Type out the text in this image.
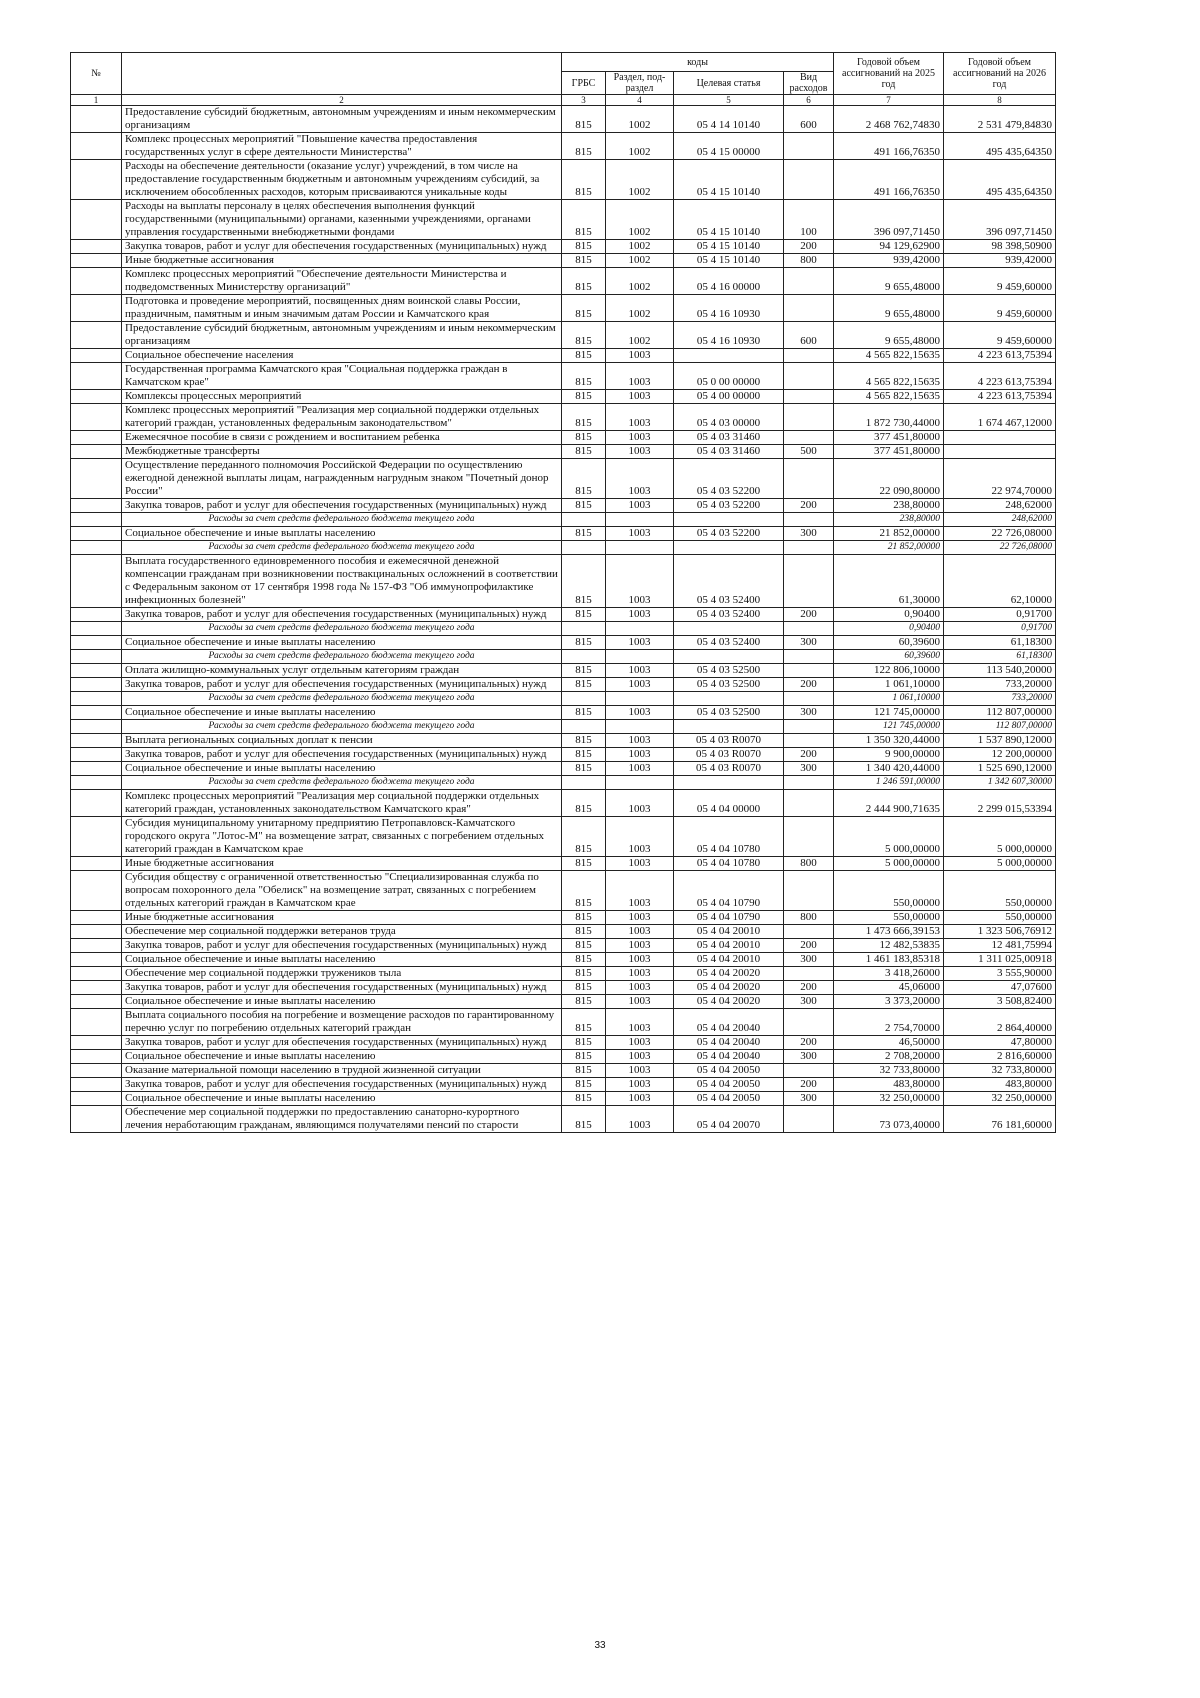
№		коды				Годовой объем ассигнований на 2025 год	Годовой объем ассигнований на 2026 год
		ГРБС	Раздел, под-раздел	Целевая статья	Вид расходов		
1	2	3	4	5	6	7	8
	Предоставление субсидий бюджетным, автономным учреждениям и иным некоммерческим организациям	815	1002	05 4 14 10140	600	2 468 762,74830	2 531 479,84830
	Комплекс процессных мероприятий "Повышение качества предоставления государственных услуг в сфере деятельности Министерства"	815	1002	05 4 15 00000		491 166,76350	495 435,64350
	Расходы на обеспечение деятельности (оказание услуг) учреждений, в том числе на предоставление государственным бюджетным и автономным учреждениям субсидий, за исключением обособленных расходов, которым присваиваются уникальные коды	815	1002	05 4 15 10140		491 166,76350	495 435,64350
	Расходы на выплаты персоналу в целях обеспечения выполнения функций государственными (муниципальными) органами, казенными учреждениями, органами управления государственными внебюджетными фондами	815	1002	05 4 15 10140	100	396 097,71450	396 097,71450
	Закупка товаров, работ и услуг для обеспечения государственных (муниципальных) нужд	815	1002	05 4 15 10140	200	94 129,62900	98 398,50900
	Иные бюджетные ассигнования	815	1002	05 4 15 10140	800	939,42000	939,42000
	Комплекс процессных мероприятий "Обеспечение деятельности Министерства и подведомственных Министерству организаций"	815	1002	05 4 16 00000		9 655,48000	9 459,60000
	Подготовка и проведение мероприятий, посвященных дням воинской славы России, праздничным, памятным и иным значимым датам России и Камчатского края	815	1002	05 4 16 10930		9 655,48000	9 459,60000
	Предоставление субсидий бюджетным, автономным учреждениям и иным некоммерческим организациям	815	1002	05 4 16 10930	600	9 655,48000	9 459,60000
	Социальное обеспечение населения	815	1003			4 565 822,15635	4 223 613,75394
	Государственная программа Камчатского края "Социальная поддержка граждан в Камчатском крае"	815	1003	05 0 00 00000		4 565 822,15635	4 223 613,75394
	Комплексы процессных мероприятий	815	1003	05 4 00 00000		4 565 822,15635	4 223 613,75394
	Комплекс процессных мероприятий "Реализация мер социальной поддержки отдельных категорий граждан, установленных федеральным законодательством"	815	1003	05 4 03 00000		1 872 730,44000	1 674 467,12000
	Ежемесячное пособие в связи с рождением и воспитанием ребенка	815	1003	05 4 03 31460		377 451,80000	
	Межбюджетные трансферты	815	1003	05 4 03 31460	500	377 451,80000	
	Осуществление переданного полномочия Российской Федерации по осуществлению ежегодной денежной выплаты лицам, награжденным нагрудным знаком "Почетный донор России"	815	1003	05 4 03 52200		22 090,80000	22 974,70000
	Закупка товаров, работ и услуг для обеспечения государственных (муниципальных) нужд	815	1003	05 4 03 52200	200	238,80000	248,62000
	Расходы за счет средств федерального бюджета текущего года					238,80000	248,62000
	Социальное обеспечение и иные выплаты населению	815	1003	05 4 03 52200	300	21 852,00000	22 726,08000
	Расходы за счет средств федерального бюджета текущего года					21 852,00000	22 726,08000
	Выплата государственного единовременного пособия и ежемесячной денежной компенсации гражданам при возникновении поствакцинальных осложнений в соответствии с Федеральным законом от 17 сентября 1998 года № 157-ФЗ "Об иммунопрофилактике инфекционных болезней"	815	1003	05 4 03 52400		61,30000	62,10000
	Закупка товаров, работ и услуг для обеспечения государственных (муниципальных) нужд	815	1003	05 4 03 52400	200	0,90400	0,91700
	Расходы за счет средств федерального бюджета текущего года					0,90400	0,91700
	Социальное обеспечение и иные выплаты населению	815	1003	05 4 03 52400	300	60,39600	61,18300
	Расходы за счет средств федерального бюджета текущего года					60,39600	61,18300
	Оплата жилищно-коммунальных услуг отдельным категориям граждан	815	1003	05 4 03 52500		122 806,10000	113 540,20000
	Закупка товаров, работ и услуг для обеспечения государственных (муниципальных) нужд	815	1003	05 4 03 52500	200	1 061,10000	733,20000
	Расходы за счет средств федерального бюджета текущего года					1 061,10000	733,20000
	Социальное обеспечение и иные выплаты населению	815	1003	05 4 03 52500	300	121 745,00000	112 807,00000
	Расходы за счет средств федерального бюджета текущего года					121 745,00000	112 807,00000
	Выплата региональных социальных доплат к пенсии	815	1003	05 4 03 R0070		1 350 320,44000	1 537 890,12000
	Закупка товаров, работ и услуг для обеспечения государственных (муниципальных) нужд	815	1003	05 4 03 R0070	200	9 900,00000	12 200,00000
	Социальное обеспечение и иные выплаты населению	815	1003	05 4 03 R0070	300	1 340 420,44000	1 525 690,12000
	Расходы за счет средств федерального бюджета текущего года					1 246 591,00000	1 342 607,30000
	Комплекс процессных мероприятий "Реализация мер социальной поддержки отдельных категорий граждан, установленных законодательством Камчатского края"	815	1003	05 4 04 00000		2 444 900,71635	2 299 015,53394
	Субсидия муниципальному унитарному предприятию Петропавловск-Камчатского городского округа "Лотос-М" на возмещение затрат, связанных с погребением отдельных категорий граждан в Камчатском крае	815	1003	05 4 04 10780		5 000,00000	5 000,00000
	Иные бюджетные ассигнования	815	1003	05 4 04 10780	800	5 000,00000	5 000,00000
	Субсидия обществу с ограниченной ответственностью "Специализированная служба по вопросам похоронного дела "Обелиск" на возмещение затрат, связанных с погребением отдельных категорий граждан в Камчатском крае	815	1003	05 4 04 10790		550,00000	550,00000
	Иные бюджетные ассигнования	815	1003	05 4 04 10790	800	550,00000	550,00000
	Обеспечение мер социальной поддержки ветеранов труда	815	1003	05 4 04 20010		1 473 666,39153	1 323 506,76912
	Закупка товаров, работ и услуг для обеспечения государственных (муниципальных) нужд	815	1003	05 4 04 20010	200	12 482,53835	12 481,75994
	Социальное обеспечение и иные выплаты населению	815	1003	05 4 04 20010	300	1 461 183,85318	1 311 025,00918
	Обеспечение мер социальной поддержки тружеников тыла	815	1003	05 4 04 20020		3 418,26000	3 555,90000
	Закупка товаров, работ и услуг для обеспечения государственных (муниципальных) нужд	815	1003	05 4 04 20020	200	45,06000	47,07600
	Социальное обеспечение и иные выплаты населению	815	1003	05 4 04 20020	300	3 373,20000	3 508,82400
	Выплата социального пособия на погребение и возмещение расходов по гарантированному перечню услуг по погребению отдельных категорий граждан	815	1003	05 4 04 20040		2 754,70000	2 864,40000
	Закупка товаров, работ и услуг для обеспечения государственных (муниципальных) нужд	815	1003	05 4 04 20040	200	46,50000	47,80000
	Социальное обеспечение и иные выплаты населению	815	1003	05 4 04 20040	300	2 708,20000	2 816,60000
	Оказание материальной помощи населению в трудной жизненной ситуации	815	1003	05 4 04 20050		32 733,80000	32 733,80000
	Закупка товаров, работ и услуг для обеспечения государственных (муниципальных) нужд	815	1003	05 4 04 20050	200	483,80000	483,80000
	Социальное обеспечение и иные выплаты населению	815	1003	05 4 04 20050	300	32 250,00000	32 250,00000
	Обеспечение мер социальной поддержки по предоставлению санаторно-курортного лечения неработающим гражданам, являющимся получателями пенсий по старости	815	1003	05 4 04 20070		73 073,40000	76 181,60000
33
